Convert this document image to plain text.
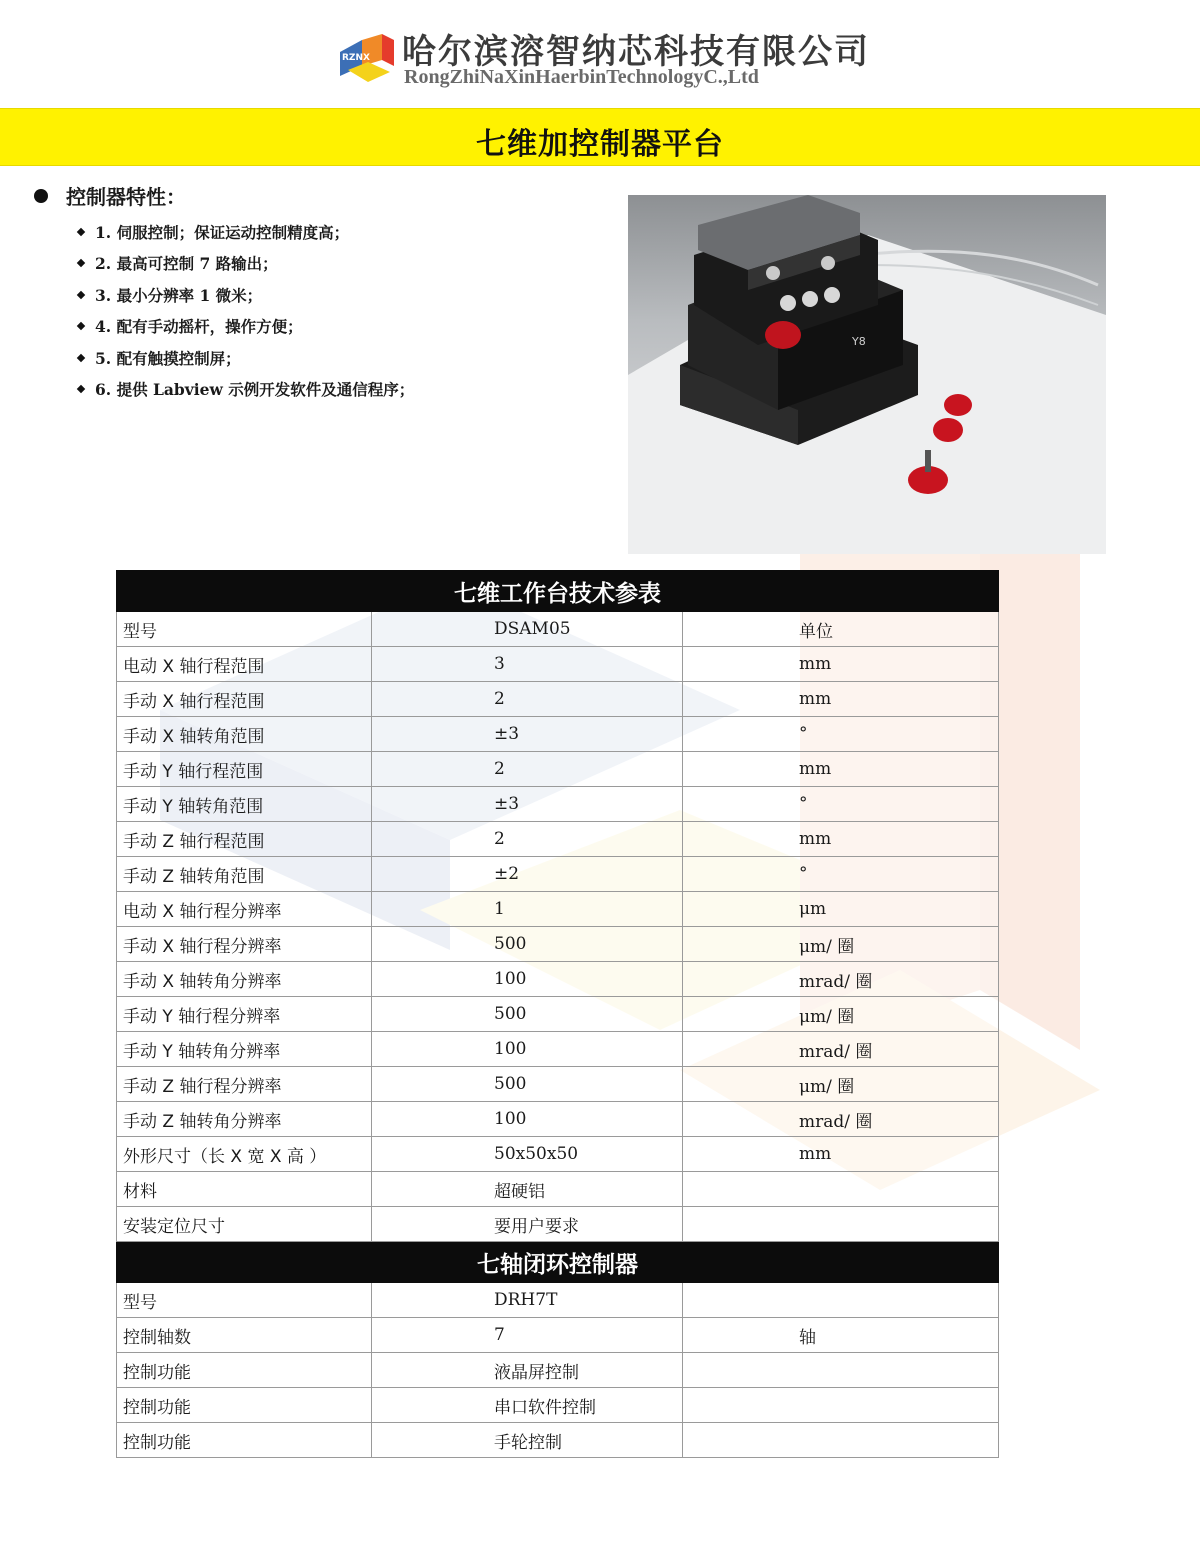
RZNX 哈尔滨溶智纳芯科技有限公司
RongZhiNaXinHaerbinTechnologyC.,Ltd
七维加控制器平台
控制器特性：
1. 伺服控制；保证运动控制精度高；
2. 最高可控制 7 路输出；
3. 最小分辨率 1 微米；
4. 配有手动摇杆，操作方便；
5. 配有触摸控制屏；
6. 提供 Labview 示例开发软件及通信程序；
Y8
七维工作台技术参表		
型号	DSAM05	单位
电动 X 轴行程范围	3	mm
手动 X 轴行程范围	2	mm
手动 X 轴转角范围	±3	°
手动 Y 轴行程范围	2	mm
手动 Y 轴转角范围	±3	°
手动 Z 轴行程范围	2	mm
手动 Z 轴转角范围	±2	°
电动 X 轴行程分辨率	1	μm
手动 X 轴行程分辨率	500	μm/ 圈
手动 X 轴转角分辨率	100	mrad/ 圈
手动 Y 轴行程分辨率	500	μm/ 圈
手动 Y 轴转角分辨率	100	mrad/ 圈
手动 Z 轴行程分辨率	500	μm/ 圈
手动 Z 轴转角分辨率	100	mrad/ 圈
外形尺寸（长 X 宽 X 高 ）	50x50x50	mm
材料	超硬铝	
安装定位尺寸	要用户要求	
七轴闭环控制器		
型号	DRH7T	
控制轴数	7	轴
控制功能	液晶屏控制	
控制功能	串口软件控制	
控制功能	手轮控制	
